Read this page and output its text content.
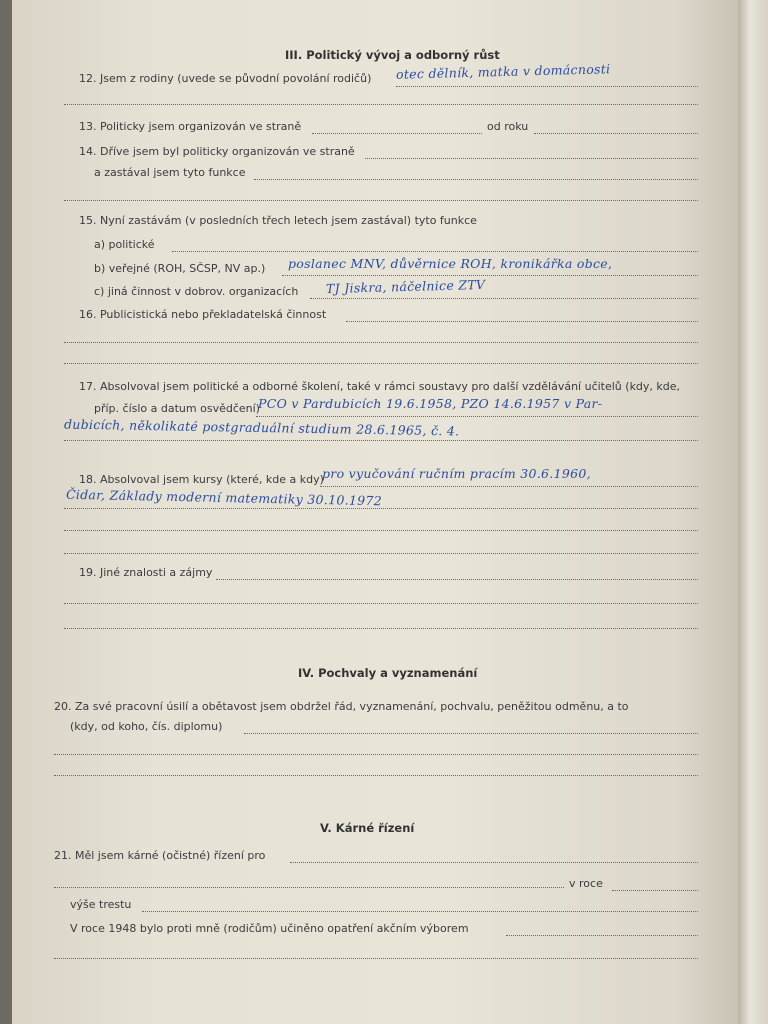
III. Politický vývoj a odborný růst
12. Jsem z rodiny (uvede se původní povolání rodičů) otec dělník, matka v domácnosti
13. Politicky jsem organizován ve straně	od roku
14. Dříve jsem byl politicky organizován ve straně
a zastával jsem tyto funkce
15. Nyní zastávám (v posledních třech letech jsem zastával) tyto funkce
a) politické
b) veřejné (ROH, SČSP, NV ap.) poslanec MNV, důvěrnice ROH, kronikářka obce,
c) jiná činnost v dobrov. organizacích TJ Jiskra, náčelnice ZTV
16. Publicistická nebo překladatelská činnost
17. Absolvoval jsem politické a odborné školení, také v rámci soustavy pro další vzdělávání učitelů (kdy, kde,
příp. číslo a datum osvědčení)
PCO v Pardubicích 19.6.1958, PZO 14.6.1957 v Par-
dubicích, několikaté postgraduální studium 28.6.1965, č. 4.
18. Absolvoval jsem kursy (které, kde a kdy)
pro vyučování ručním pracím 30.6.1960,
Čidar, Základy moderní matematiky 30.10.1972
19. Jiné znalosti a zájmy
IV. Pochvaly a vyznamenání
20. Za své pracovní úsilí a obětavost jsem obdržel řád, vyznamenání, pochvalu, peněžitou odměnu, a to
(kdy, od koho, čís. diplomu)
V. Kárné řízení
21. Měl jsem kárné (očistné) řízení pro
v roce
výše trestu
V roce 1948 bylo proti mně (rodičům) učiněno opatření akčním výborem
